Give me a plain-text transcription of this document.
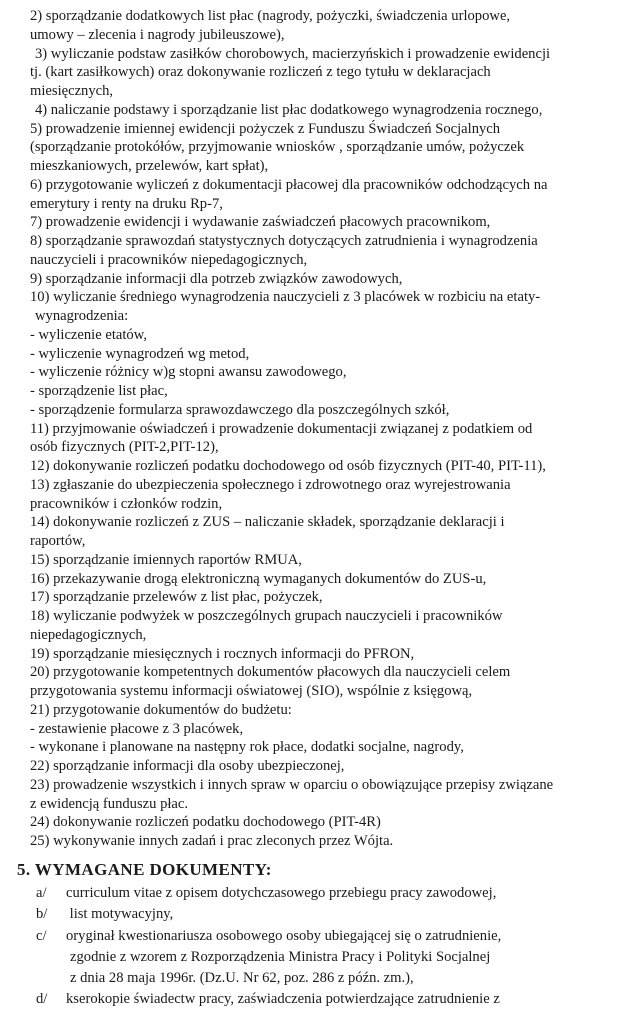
2) sporządzanie dodatkowych list płac (nagrody, pożyczki, świadczenia urlopowe,
umowy – zlecenia i nagrody jubileuszowe),
3) wyliczanie podstaw zasiłków chorobowych, macierzyńskich i prowadzenie ewidencji
tj. (kart zasiłkowych) oraz dokonywanie rozliczeń z tego tytułu w deklaracjach
miesięcznych,
4) naliczanie podstawy i sporządzanie list płac dodatkowego wynagrodzenia rocznego,
5) prowadzenie imiennej ewidencji pożyczek z Funduszu Świadczeń Socjalnych
(sporządzanie protokółów, przyjmowanie wniosków , sporządzanie umów, pożyczek
mieszkaniowych, przelewów, kart spłat),
6) przygotowanie wyliczeń z dokumentacji płacowej dla pracowników odchodzących na
emerytury i renty na druku Rp-7,
7) prowadzenie ewidencji i wydawanie zaświadczeń płacowych pracownikom,
8) sporządzanie sprawozdań statystycznych dotyczących zatrudnienia i wynagrodzenia
nauczycieli i pracowników niepedagogicznych,
9) sporządzanie informacji dla potrzeb związków zawodowych,
10) wyliczanie średniego wynagrodzenia nauczycieli z 3 placówek w rozbiciu na etaty-
wynagrodzenia:
- wyliczenie etatów,
- wyliczenie wynagrodzeń wg metod,
- wyliczenie różnicy w)g stopni awansu zawodowego,
- sporządzenie list płac,
- sporządzenie formularza sprawozdawczego dla poszczególnych szkół,
11) przyjmowanie oświadczeń i prowadzenie dokumentacji związanej z podatkiem od
osób fizycznych (PIT-2,PIT-12),
12) dokonywanie rozliczeń podatku dochodowego od osób fizycznych (PIT-40, PIT-11),
13) zgłaszanie do ubezpieczenia społecznego i zdrowotnego oraz wyrejestrowania
pracowników i członków rodzin,
14) dokonywanie rozliczeń z ZUS – naliczanie składek, sporządzanie deklaracji i
raportów,
15) sporządzanie imiennych raportów RMUA,
16) przekazywanie drogą elektroniczną wymaganych dokumentów do ZUS-u,
17) sporządzanie przelewów z list płac, pożyczek,
18) wyliczanie podwyżek w poszczególnych grupach nauczycieli i pracowników
niepedagogicznych,
19) sporządzanie miesięcznych i rocznych informacji do PFRON,
20) przygotowanie kompetentnych dokumentów płacowych dla nauczycieli celem
przygotowania systemu informacji oświatowej (SIO), wspólnie z księgową,
21) przygotowanie dokumentów do budżetu:
- zestawienie płacowe z 3 placówek,
- wykonane i planowane na następny rok płace, dodatki socjalne, nagrody,
22) sporządzanie informacji dla osoby ubezpieczonej,
23) prowadzenie wszystkich i innych spraw w oparciu o obowiązujące przepisy związane
z ewidencją funduszu płac.
24) dokonywanie rozliczeń podatku dochodowego (PIT-4R)
25) wykonywanie innych zadań i prac zleconych przez Wójta.
5. WYMAGANE DOKUMENTY:
a/ curriculum vitae z opisem dotychczasowego przebiegu pracy zawodowej,
b/ list motywacyjny,
c/ oryginał kwestionariusza osobowego osoby ubiegającej się o zatrudnienie,
zgodnie z wzorem z Rozporządzenia Ministra Pracy i Polityki Socjalnej
z dnia 28 maja 1996r. (Dz.U. Nr 62, poz. 286 z późn. zm.),
d/ kserokopie świadectw pracy, zaświadczenia potwierdzające zatrudnienie z
